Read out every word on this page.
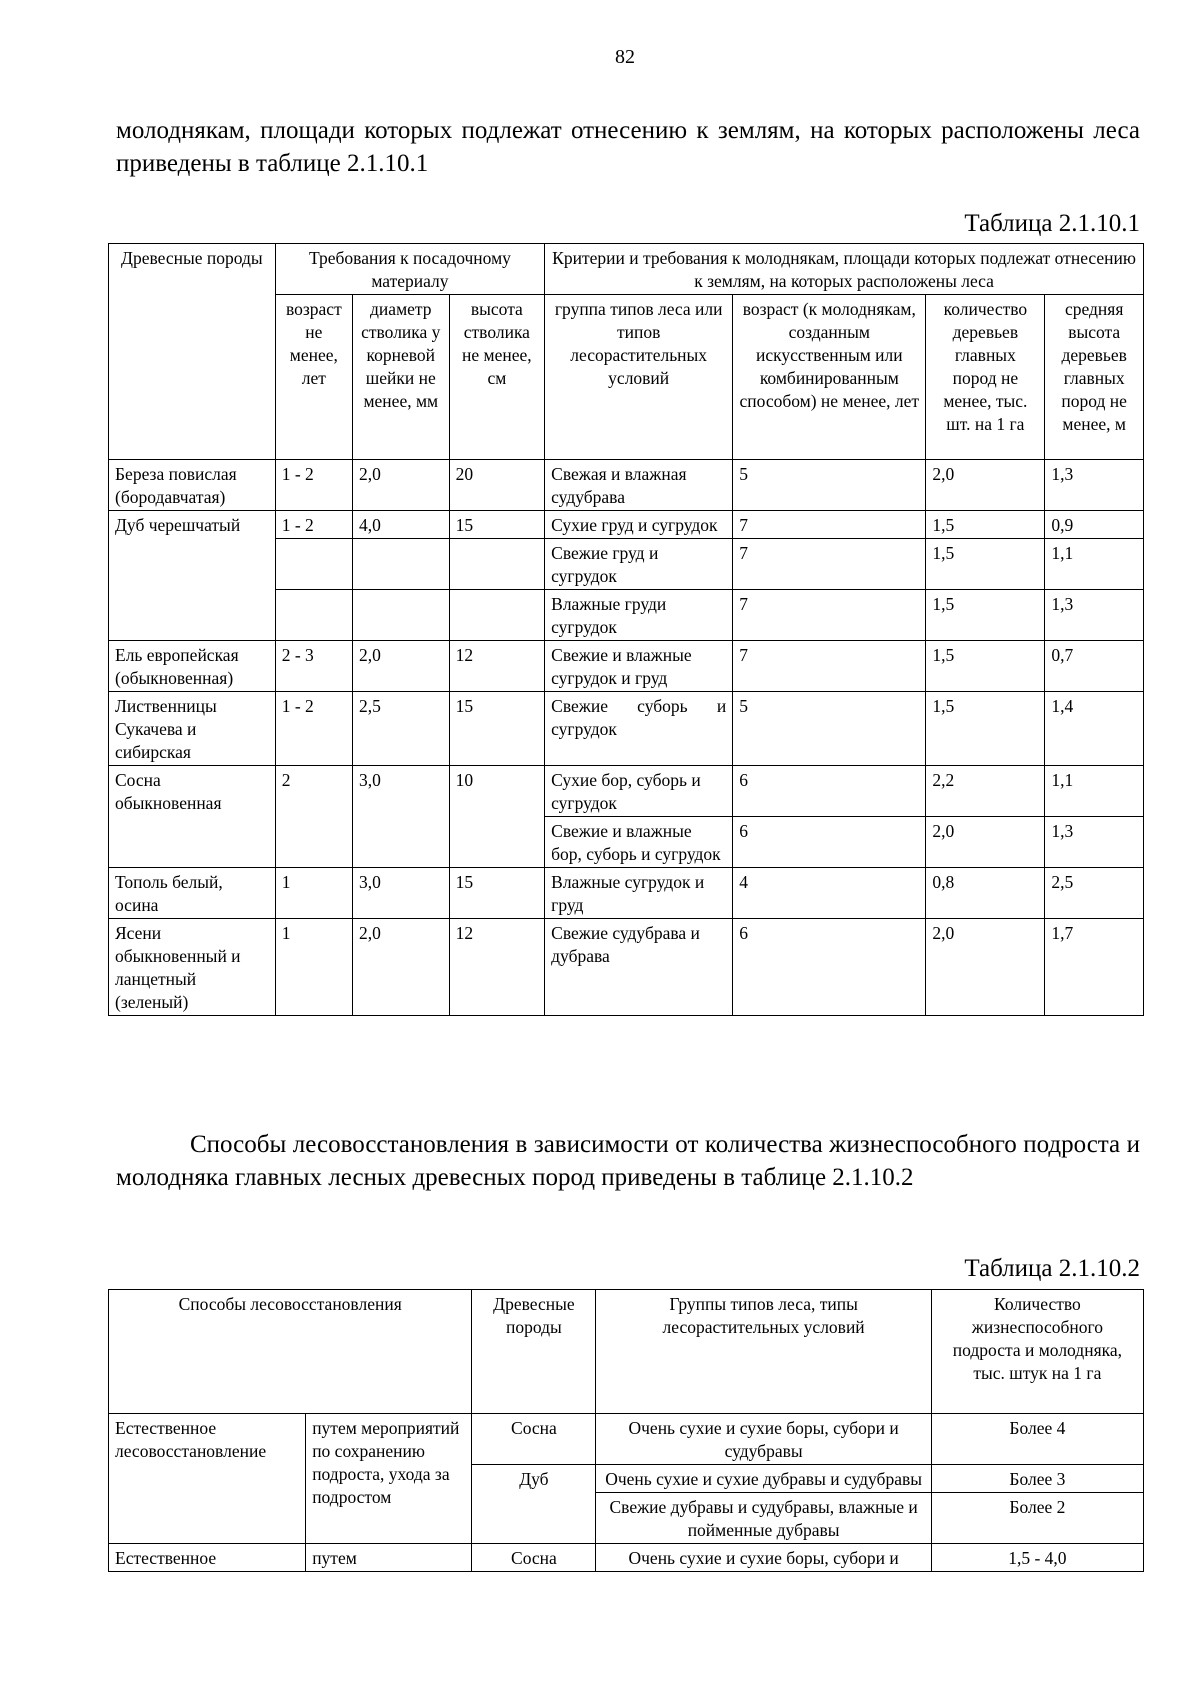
82
молоднякам, площади которых подлежат отнесению к землям, на которых расположены леса приведены в таблице 2.1.10.1
Таблица 2.1.10.1
Древесные породы	Требования к посадочному материалу			Критерии и требования к молоднякам, площади которых подлежат отнесению к землям, на которых расположены леса			
	возраст не менее, лет	диаметр стволика у корневой шейки не менее, мм	высота стволика не менее, см	группа типов леса или типов лесорастительных условий	возраст (к молоднякам, созданным искусственным или комбинированным способом) не менее, лет	количество деревьев главных пород не менее, тыс. шт. на 1 га	средняя высота деревьев главных пород не менее, м
Береза повислая (бородавчатая)	1 - 2	2,0	20	Свежая и влажная судубрава	5	2,0	1,3
Дуб черешчатый	1 - 2	4,0	15	Сухие груд и сугрудок	7	1,5	0,9
				Свежие груд и сугрудок	7	1,5	1,1
				Влажные груди сугрудок	7	1,5	1,3
Ель европейская (обыкновенная)	2 - 3	2,0	12	Свежие и влажные сугрудок и груд	7	1,5	0,7
Лиственницы Сукачева и сибирская	1 - 2	2,5	15	Свежие суборь и сугрудок	5	1,5	1,4
Сосна обыкновенная	2	3,0	10	Сухие бор, суборь и сугрудок	6	2,2	1,1
				Свежие и влажные бор, суборь и сугрудок	6	2,0	1,3
Тополь белый, осина	1	3,0	15	Влажные сугрудок и груд	4	0,8	2,5
Ясени обыкновенный и ланцетный (зеленый)	1	2,0	12	Свежие судубрава и дубрава	6	2,0	1,7
Способы лесовосстановления в зависимости от количества жизнеспособного подроста и молодняка главных лесных древесных пород приведены в таблице 2.1.10.2
Таблица 2.1.10.2
Способы лесовосстановления		Древесные породы	Группы типов леса, типы лесорастительных условий	Количество жизнеспособного подроста и молодняка, тыс. штук на 1 га
Естественное лесовосстановление	путем мероприятий по сохранению подроста, ухода за подростом	Сосна	Очень сухие и сухие боры, субори и судубравы	Более 4
		Дуб	Очень сухие и сухие дубравы и судубравы	Более 3
			Свежие дубравы и судубравы, влажные и пойменные дубравы	Более 2
Естественное	путем	Сосна	Очень сухие и сухие боры, субори и	1,5 - 4,0
